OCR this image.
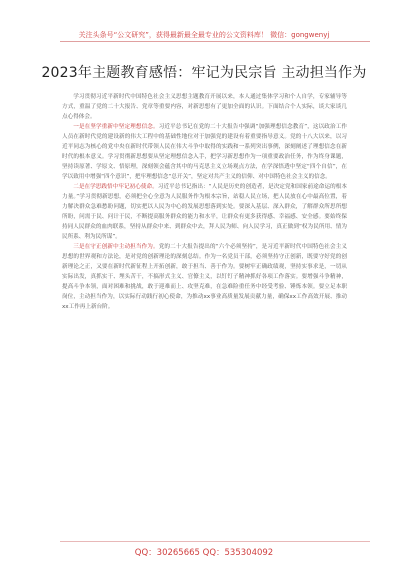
关注头条号“公文研究”，获得最新最全最专业的公文资料库！ 微信：gongwenyj
2023年主题教育感悟：牢记为民宗旨 主动担当作为

学习贯彻习近平新时代中国特色社会主义思想主题教育开展以来，本人通过集体学习和个人自学，专家辅导等方式，重温了党的二十大报告、党章等重要内容，对新思想有了更加全面的认识。下面结合个人实际，谈大家谈几点心得体会。

一是在坚学重新中坚定理想信念。习近平总书记在党的二十大报告中强调“加强理想信念教育”，这以政治工作人员在新时代党的建设新的伟大工程中的基础性地位对于加强党的建设有着重要指导意义。党的十八大以来，以习近平同志为核心的党中央在新时代带领人民在伟大斗争中取得的实践和一系列突出事例，深刻阐述了理想信念在新时代的根本意义。学习贯彻新思想要从坚定理想信念入手，把学习新思想作为一项重要政治任务，作为终身课题，坚持读原著、学原文、悟原理，深刻领会蕴含其中的马克思主义立场观点方法，在学深悟透中坚定“四个自信”，在学以致用中增强“四个意识”，把牢理想信念“总开关”，坚定对共产主义的信仰、对中国特色社会主义的信念。

二是在学思践悟中牢记初心使命。习近平总书记指出：“人民是历史的创造者，是决定党和国家前途命运的根本力量。”学习贯彻新思想，必须把全心全意为人民服务作为根本宗旨，站稳人民立场，把人民放在心中最高位置，着力解决群众急难愁盼问题，切实把以人民为中心的发展思想落到实处。要深入基层、深入群众，了解群众所思所想所盼，问需于民、问计于民，不断提高服务群众的能力和水平，让群众有更多获得感、幸福感、安全感。要始终保持同人民群众的血肉联系，坚持从群众中来、到群众中去，拜人民为师、向人民学习，真正做到“权为民所用、情为民所系、利为民所谋”。

三是在守正创新中主动担当作为。党的二十大报告提出的“六个必须坚持”，是习近平新时代中国特色社会主义思想的世界观和方法论，是对党的创新理论的深刻总结。作为一名党员干部，必须坚持守正创新，既要守好党的创新理论之正，又要在新时代新征程上开拓创新，敢于担当、善于作为。要树牢正确政绩观，坚持实事求是，一切从实际出发，真抓实干、埋头苦干，不搞形式主义、官僚主义，以钉钉子精神抓好各项工作落实。要增强斗争精神，提高斗争本领，面对困难和挑战，敢于迎难而上、攻坚克难，在急难险重任务中经受考验、锤炼本领。要立足本职岗位，主动担当作为，以实际行动践行初心使命，为推动xx事业高质量发展贡献力量，确保xx工作高效开展、推动xx工作再上新台阶。

QQ：30265665 QQ：535304092
